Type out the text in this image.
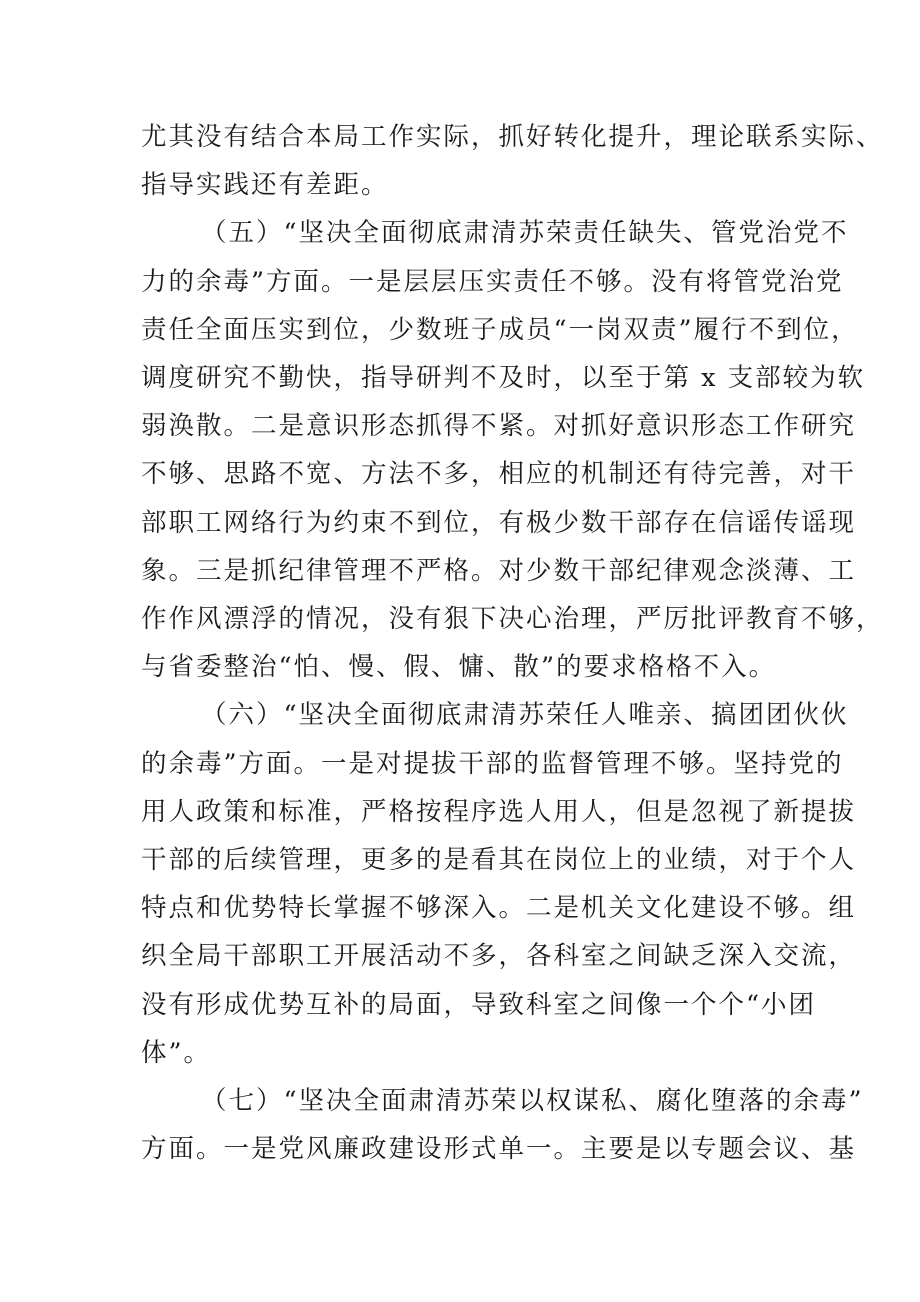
尤其没有结合本局工作实际，抓好转化提升，理论联系实际、
指导实践还有差距。
（五）“坚决全面彻底肃清苏荣责任缺失、管党治党不
力的余毒”方面。一是层层压实责任不够。没有将管党治党
责任全面压实到位，少数班子成员“一岗双责”履行不到位，
调度研究不勤快，指导研判不及时，以至于第 x 支部较为软
弱涣散。二是意识形态抓得不紧。对抓好意识形态工作研究
不够、思路不宽、方法不多，相应的机制还有待完善，对干
部职工网络行为约束不到位，有极少数干部存在信谣传谣现
象。三是抓纪律管理不严格。对少数干部纪律观念淡薄、工
作作风漂浮的情况，没有狠下决心治理，严厉批评教育不够，
与省委整治“怕、慢、假、慵、散”的要求格格不入。
（六）“坚决全面彻底肃清苏荣任人唯亲、搞团团伙伙
的余毒”方面。一是对提拔干部的监督管理不够。坚持党的
用人政策和标准，严格按程序选人用人，但是忽视了新提拔
干部的后续管理，更多的是看其在岗位上的业绩，对于个人
特点和优势特长掌握不够深入。二是机关文化建设不够。组
织全局干部职工开展活动不多，各科室之间缺乏深入交流，
没有形成优势互补的局面，导致科室之间像一个个“小团
体”。
（七）“坚决全面肃清苏荣以权谋私、腐化堕落的余毒”
方面。一是党风廉政建设形式单一。主要是以专题会议、基
